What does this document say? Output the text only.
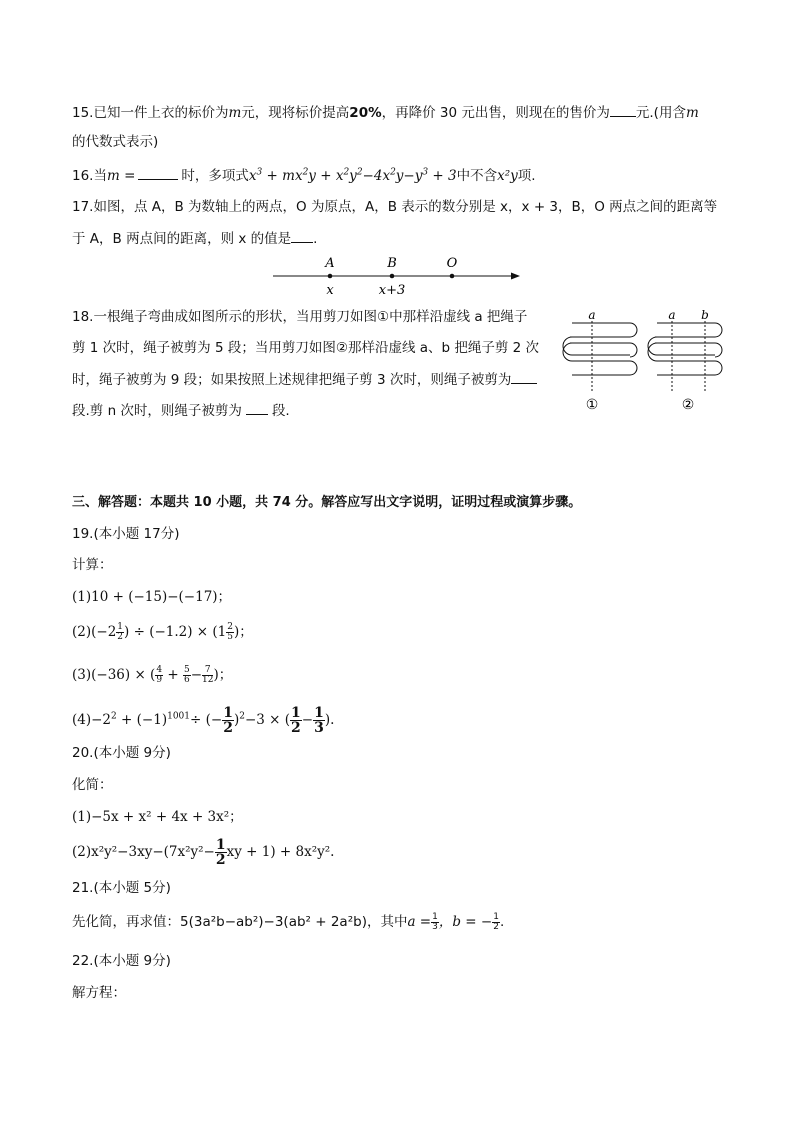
15.已知一件上衣的标价为m元，现将标价提高20%，再降价 30 元出售，则现在的售价为 元.(用含m
的代数式表示)
16.当m =	时，多项式$x^3 + mx^2y + x^2y^2-4x^2y-y^3 + 3$中不含x²y项.
17.如图，点 A，B 为数轴上的两点，O 为原点，A，B 表示的数分别是 x，x + 3，B，O 两点之间的距离等
于 A，B 两点间的距离，则 x 的值是 .
A	B	O
x	x+3
18.一根绳子弯曲成如图所示的形状，当用剪刀如图①中那样沿虚线 a 把绳子
剪 1 次时，绳子被剪为 5 段；当用剪刀如图②那样沿虚线 a、b 把绳子剪 2 次
时，绳子被剪为 9 段；如果按照上述规律把绳子剪 3 次时，则绳子被剪为
段.剪 n 次时，则绳子被剪为 段.
a
①
a b
②
三、解答题：本题共 10 小题，共 74 分。解答应写出文字说明，证明过程或演算步骤。
19.(本小题 17分)
计算：
(1)10 + (−15)−(−17)；
$(2)(-2 \frac{1}{2}$ ) ÷ $(-1.2) \times (1 \frac{2}{5}$ )；
(3)(−36) × ( $\frac{4}{9} + \frac{5}{6} - \frac{7}{12}$ )；
$(4)-2^2 + (-1)^{1001}\div$ (− $\frac{1}{2} )^2-3$ × ( $\frac{1}{2} - \frac{1}{3}$ ).
20.(本小题 9分)
化简：
(1)−5x + x² + 4x + 3x²；
$(2)x^2y^2-3xy-(7x^2y^2- \frac{1}{2}$ xy + 1) + 8x²y².
21.(本小题 5分)
先化简，再求值：5(3a²b−ab²)−3(ab² + 2a²b)，其中$a = \frac{1}{3}$ ，b = − $\frac{1}{2}$ .
22.(本小题 9分)
解方程：
